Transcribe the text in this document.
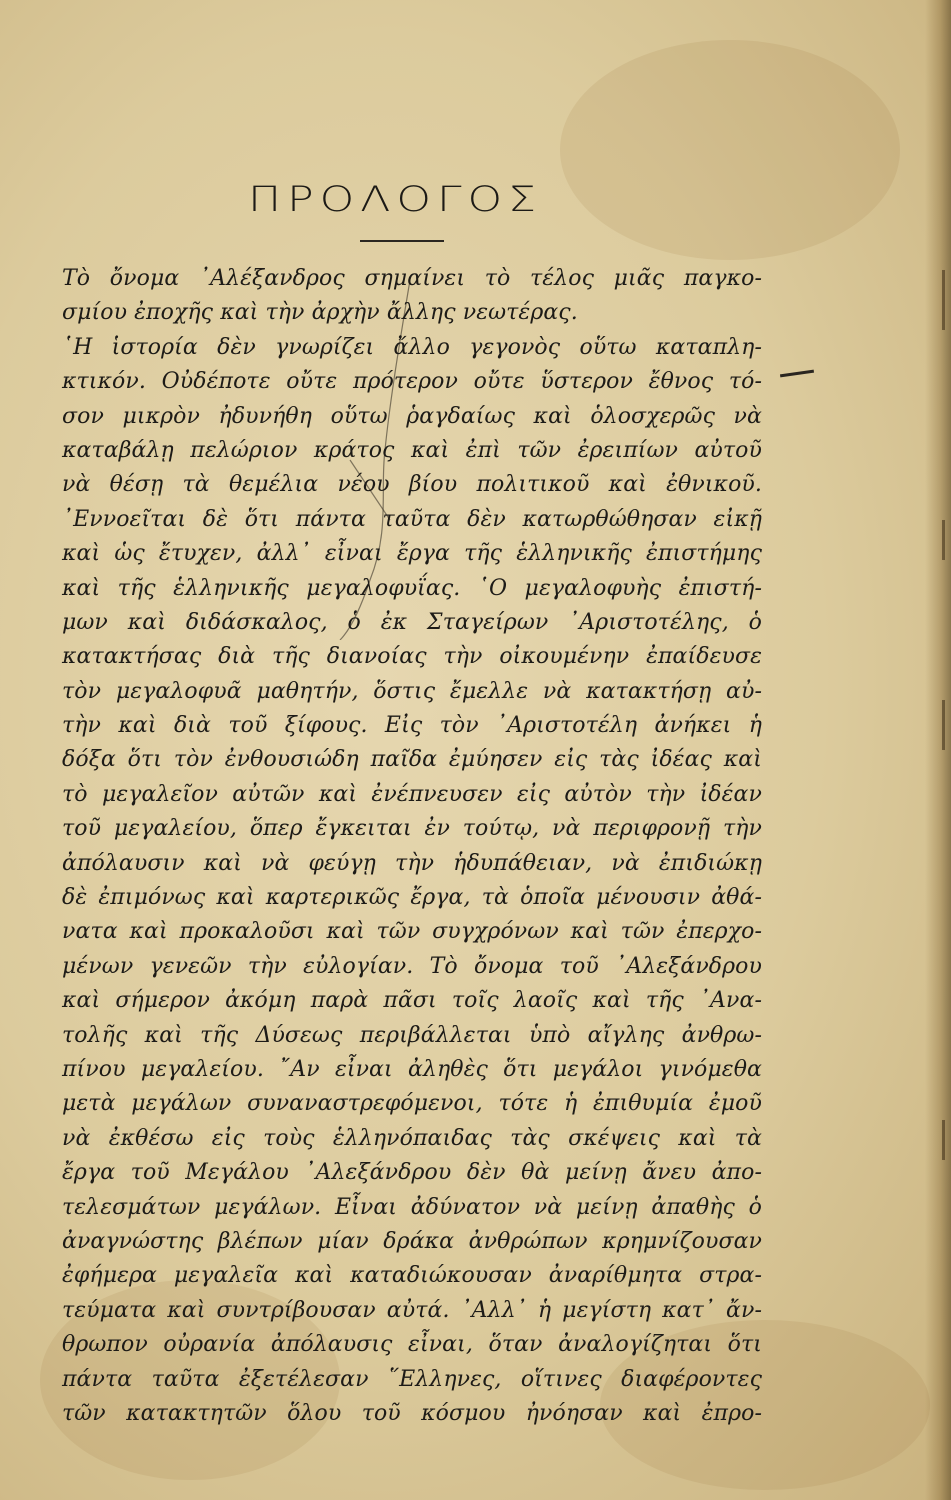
ΠΡΟΛΟΓΟΣ
Τὸ ὄνομα ᾿Αλέξανδρος σημαίνει τὸ τέλος μιᾶς παγκο-
σμίου ἐποχῆς καὶ τὴν ἀρχὴν ἄλλης νεωτέρας.
῾Η ἱστορία δὲν γνωρίζει ἄλλο γεγονὸς οὕτω καταπλη-
κτικόν. Οὐδέποτε οὔτε πρότερον οὔτε ὕστερον ἔθνος τό-
σον μικρὸν ἠδυνήθη οὕτω ῥαγδαίως καὶ ὁλοσχερῶς νὰ
καταβάλῃ πελώριον κράτος καὶ ἐπὶ τῶν ἐρειπίων αὐτοῦ
νὰ θέσῃ τὰ θεμέλια νέου βίου πολιτικοῦ καὶ ἐθνικοῦ.
᾿Εννοεῖται δὲ ὅτι πάντα ταῦτα δὲν κατωρθώθησαν εἰκῇ
καὶ ὡς ἔτυχεν, ἀλλ᾿ εἶναι ἔργα τῆς ἑλληνικῆς ἐπιστήμης
καὶ τῆς ἑλληνικῆς μεγαλοφυΐας. ῾Ο μεγαλοφυὴς ἐπιστή-
μων καὶ διδάσκαλος, ὁ ἐκ Σταγείρων ᾿Αριστοτέλης, ὁ
κατακτήσας διὰ τῆς διανοίας τὴν οἰκουμένην ἐπαίδευσε
τὸν μεγαλοφυᾶ μαθητήν, ὅστις ἔμελλε νὰ κατακτήσῃ αὐ-
τὴν καὶ διὰ τοῦ ξίφους. Εἰς τὸν ᾿Αριστοτέλη ἀνήκει ἡ
δόξα ὅτι τὸν ἐνθουσιώδη παῖδα ἐμύησεν εἰς τὰς ἰδέας καὶ
τὸ μεγαλεῖον αὐτῶν καὶ ἐνέπνευσεν εἰς αὐτὸν τὴν ἰδέαν
τοῦ μεγαλείου, ὅπερ ἔγκειται ἐν τούτῳ, νὰ περιφρονῇ τὴν
ἀπόλαυσιν καὶ νὰ φεύγῃ τὴν ἡδυπάθειαν, νὰ ἐπιδιώκῃ
δὲ ἐπιμόνως καὶ καρτερικῶς ἔργα, τὰ ὁποῖα μένουσιν ἀθά-
νατα καὶ προκαλοῦσι καὶ τῶν συγχρόνων καὶ τῶν ἐπερχο-
μένων γενεῶν τὴν εὐλογίαν. Τὸ ὄνομα τοῦ ᾿Αλεξάνδρου
καὶ σήμερον ἀκόμη παρὰ πᾶσι τοῖς λαοῖς καὶ τῆς ᾿Ανα-
τολῆς καὶ τῆς Δύσεως περιβάλλεται ὑπὸ αἴγλης ἀνθρω-
πίνου μεγαλείου. ῎Αν εἶναι ἀληθὲς ὅτι μεγάλοι γινόμεθα
μετὰ μεγάλων συναναστρεφόμενοι, τότε ἡ ἐπιθυμία ἐμοῦ
νὰ ἐκθέσω εἰς τοὺς ἑλληνόπαιδας τὰς σκέψεις καὶ τὰ
ἔργα τοῦ Μεγάλου ᾿Αλεξάνδρου δὲν θὰ μείνῃ ἄνευ ἀπο-
τελεσμάτων μεγάλων. Εἶναι ἀδύνατον νὰ μείνῃ ἀπαθὴς ὁ
ἀναγνώστης βλέπων μίαν δράκα ἀνθρώπων κρημνίζουσαν
ἐφήμερα μεγαλεῖα καὶ καταδιώκουσαν ἀναρίθμητα στρα-
τεύματα καὶ συντρίβουσαν αὐτά. ᾿Αλλ᾿ ἡ μεγίστη κατ᾿ ἄν-
θρωπον οὐρανία ἀπόλαυσις εἶναι, ὅταν ἀναλογίζηται ὅτι
πάντα ταῦτα ἐξετέλεσαν ῞Ελληνες, οἵτινες διαφέροντες
τῶν κατακτητῶν ὅλου τοῦ κόσμου ἠνόησαν καὶ ἐπρο-
